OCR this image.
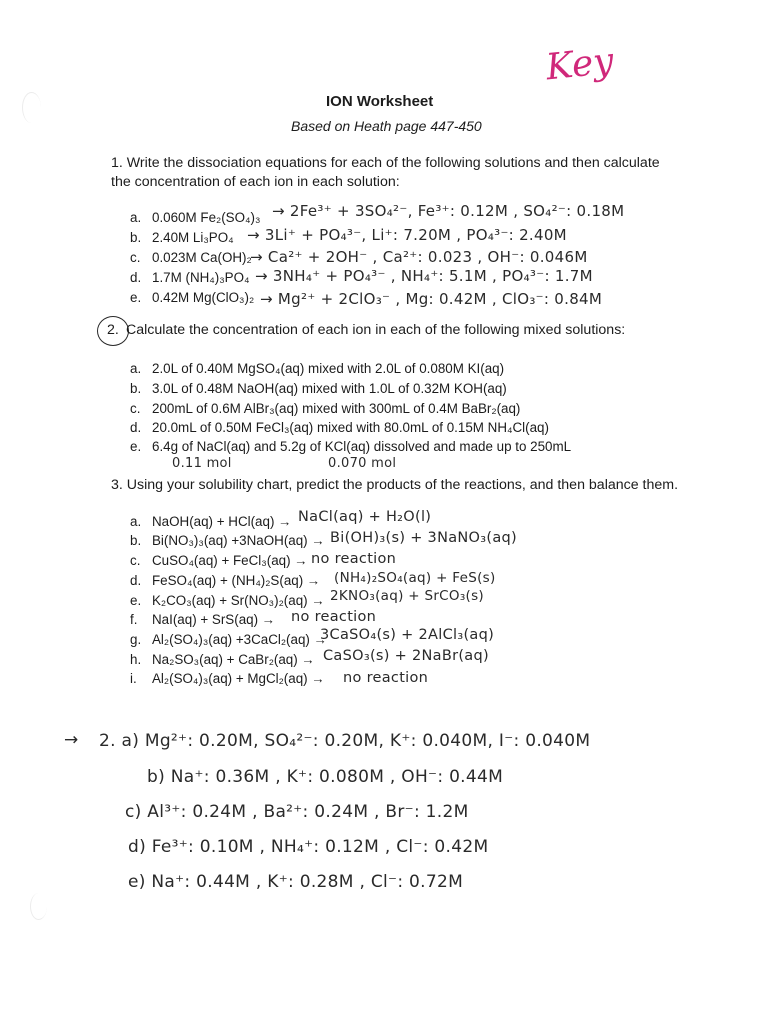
Key
ION Worksheet
Based on Heath page 447-450
1. Write the dissociation equations for each of the following solutions and then calculate
the concentration of each ion in each solution:
a. 0.060M Fe₂(SO₄)₃ → 2Fe³⁺ + 3SO₄²⁻, Fe³⁺: 0.12M , SO₄²⁻: 0.18M
b. 2.40M Li₃PO₄ → 3Li⁺ + PO₄³⁻, Li⁺: 7.20M , PO₄³⁻: 2.40M
c. 0.023M Ca(OH)₂
→ Ca²⁺ + 2OH⁻ , Ca²⁺: 0.023 , OH⁻: 0.046M
d. 1.7M (NH₄)₃PO₄ → 3NH₄⁺ + PO₄³⁻ , NH₄⁺: 5.1M , PO₄³⁻: 1.7M
e. 0.42M Mg(ClO₃)₂ → Mg²⁺ + 2ClO₃⁻ , Mg: 0.42M , ClO₃⁻: 0.84M
2. Calculate the concentration of each ion in each of the following mixed solutions:
a. 2.0L of 0.40M MgSO₄(aq) mixed with 2.0L of 0.080M KI(aq)
b. 3.0L of 0.48M NaOH(aq) mixed with 1.0L of 0.32M KOH(aq)
c. 200mL of 0.6M AlBr₃(aq) mixed with 300mL of 0.4M BaBr₂(aq)
d. 20.0mL of 0.50M FeCl₃(aq) mixed with 80.0mL of 0.15M NH₄Cl(aq)
e. 6.4g of NaCl(aq) and 5.2g of KCl(aq) dissolved and made up to 250mL
0.11 mol	0.070 mol
3. Using your solubility chart, predict the products of the reactions, and then balance them.
a. NaOH(aq) + HCl(aq) → NaCl(aq) + H₂O(l)
b. Bi(NO₃)₃(aq) +3NaOH(aq) → Bi(OH)₃(s) + 3NaNO₃(aq)
c. CuSO₄(aq) + FeCl₃(aq) → no reaction
d. FeSO₄(aq) + (NH₄)₂S(aq) → (NH₄)₂SO₄(aq) + FeS(s)
e. K₂CO₃(aq) + Sr(NO₃)₂(aq) → 2KNO₃(aq) + SrCO₃(s)
f. NaI(aq) + SrS(aq) → no reaction
g. Al₂(SO₄)₃(aq) +3CaCl₂(aq) →
3CaSO₄(s) + 2AlCl₃(aq)
h. Na₂SO₃(aq) + CaBr₂(aq) → CaSO₃(s) + 2NaBr(aq)
i. Al₂(SO₄)₃(aq) + MgCl₂(aq) → no reaction
→ 2. a) Mg²⁺: 0.20M, SO₄²⁻: 0.20M, K⁺: 0.040M, I⁻: 0.040M
b) Na⁺: 0.36M , K⁺: 0.080M , OH⁻: 0.44M
c) Al³⁺: 0.24M , Ba²⁺: 0.24M , Br⁻: 1.2M
d) Fe³⁺: 0.10M , NH₄⁺: 0.12M , Cl⁻: 0.42M
e) Na⁺: 0.44M , K⁺: 0.28M , Cl⁻: 0.72M
